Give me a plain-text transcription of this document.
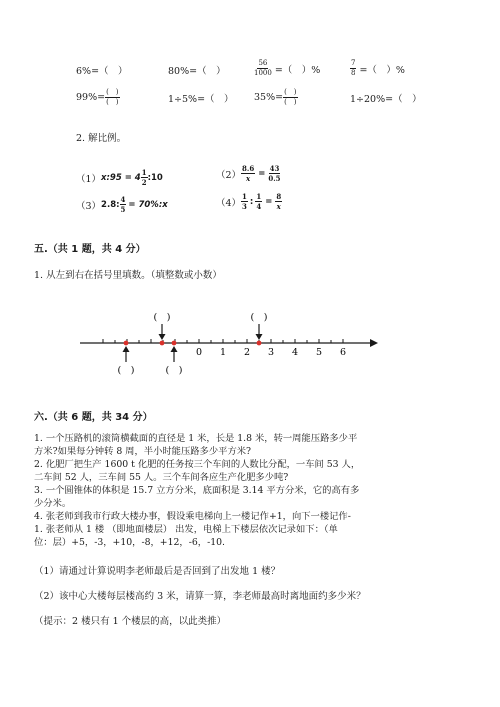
6%=（　）	80%=（　）	$\frac{56}{1000}$ =（　）%	$\frac{7}{8}$ =（　）%
$99\%= \frac{( )}{( )}$	1÷5%=（　） $35\%= \frac{( )}{( )}$	1÷20%=（　）
2. 解比例。
（1） x:95 = $4 \frac{1}{2}$ :10	$(2) \frac{8.6}{x} = \frac{43}{0.5}$
（3） 2.8: $\frac{4}{5}$ = 70%:x	$(4) \frac{1}{3}$ : $\frac{1}{4} = \frac{8}{x}$
五.（共 1 题，共 4 分）
1. 从左到右在括号里填数。（填整数或小数）
0 1 2 3 4 5 6
(　)	(　)
(　)	(　)
六.（共 6 题，共 34 分）
1. 一个压路机的滚筒横截面的直径是 1 米，长是 1.8 米，转一周能压路多少平
方米?如果每分钟转 8 周，半小时能压路多少平方米?
2. 化肥厂把生产 1600 t 化肥的任务按三个车间的人数比分配，一车间 53 人，
二车间 52 人，三车间 55 人。三个车间各应生产化肥多少吨?
3. 一个圆锥体的体积是 15.7 立方分米，底面积是 3.14 平方分米，它的高有多
少分米。
4. 张老师到我市行政大楼办事，假设乘电梯向上一楼记作+1，向下一楼记作-
1. 张老师从 1 楼 （即地面楼层） 出发，电梯上下楼层依次记录如下：（单
位：层）+5，-3，+10，-8，+12，-6，-10.
（1）请通过计算说明李老师最后是否回到了出发地 1 楼？
（2）该中心大楼每层楼高约 3 米，请算一算，李老师最高时离地面约多少米？
（提示：2 楼只有 1 个楼层的高，以此类推）
